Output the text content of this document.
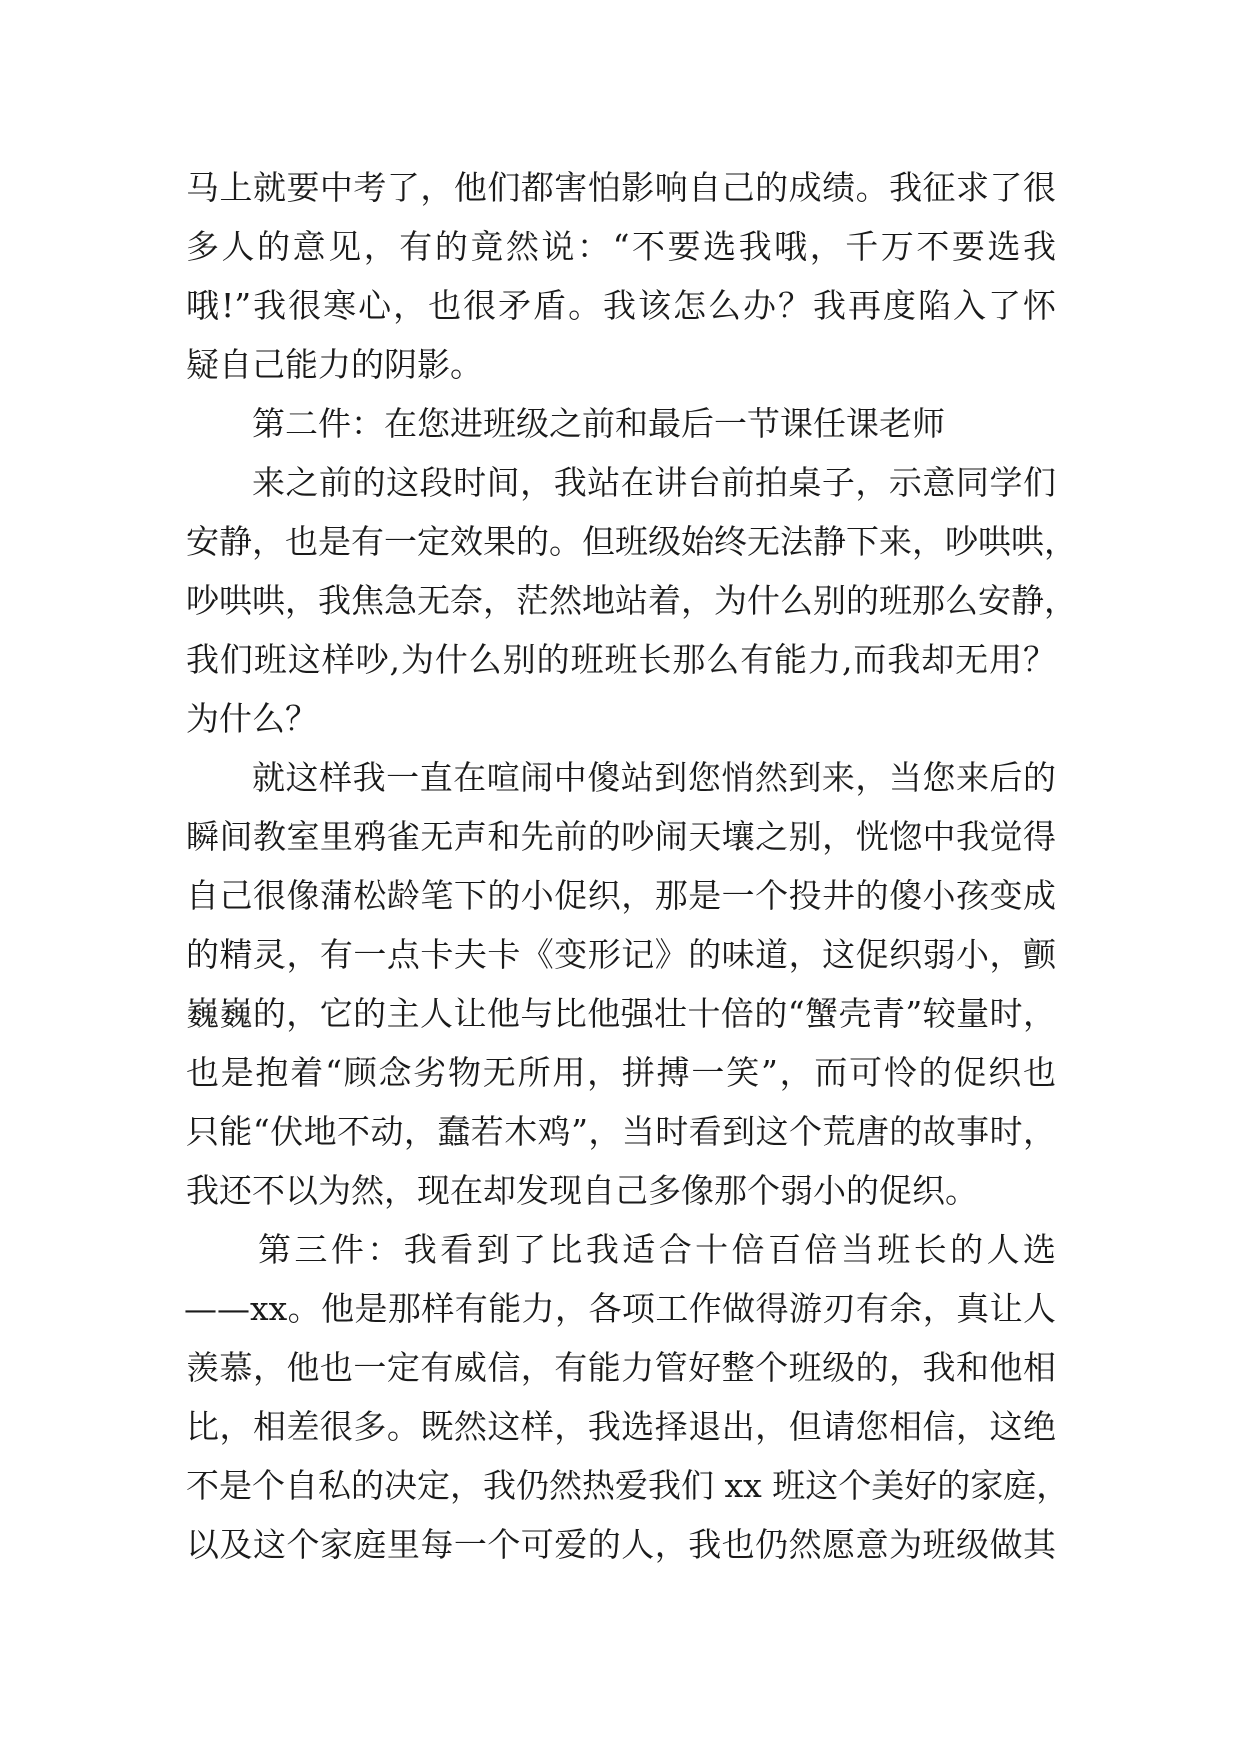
马上就要中考了，他们都害怕影响自己的成绩。我征求了很
多人的意见，有的竟然说：“不要选我哦，千万不要选我
哦!”我很寒心，也很矛盾。我该怎么办？我再度陷入了怀
疑自己能力的阴影。
第二件：在您进班级之前和最后一节课任课老师
来之前的这段时间，我站在讲台前拍桌子，示意同学们
安静，也是有一定效果的。但班级始终无法静下来，吵哄哄，
吵哄哄，我焦急无奈，茫然地站着，为什么别的班那么安静，
我们班这样吵,为什么别的班班长那么有能力,而我却无用？
为什么？
就这样我一直在喧闹中傻站到您悄然到来，当您来后的
瞬间教室里鸦雀无声和先前的吵闹天壤之别，恍惚中我觉得
自己很像蒲松龄笔下的小促织，那是一个投井的傻小孩变成
的精灵，有一点卡夫卡《变形记》的味道，这促织弱小，颤
巍巍的，它的主人让他与比他强壮十倍的“蟹壳青”较量时，
也是抱着“顾念劣物无所用，拼搏一笑”，而可怜的促织也
只能“伏地不动，蠢若木鸡”，当时看到这个荒唐的故事时，
我还不以为然，现在却发现自己多像那个弱小的促织。
第三件：我看到了比我适合十倍百倍当班长的人选
——xx。他是那样有能力，各项工作做得游刃有余，真让人
羡慕，他也一定有威信，有能力管好整个班级的，我和他相
比，相差很多。既然这样，我选择退出，但请您相信，这绝
不是个自私的决定，我仍然热爱我们 xx 班这个美好的家庭，
以及这个家庭里每一个可爱的人，我也仍然愿意为班级做其
